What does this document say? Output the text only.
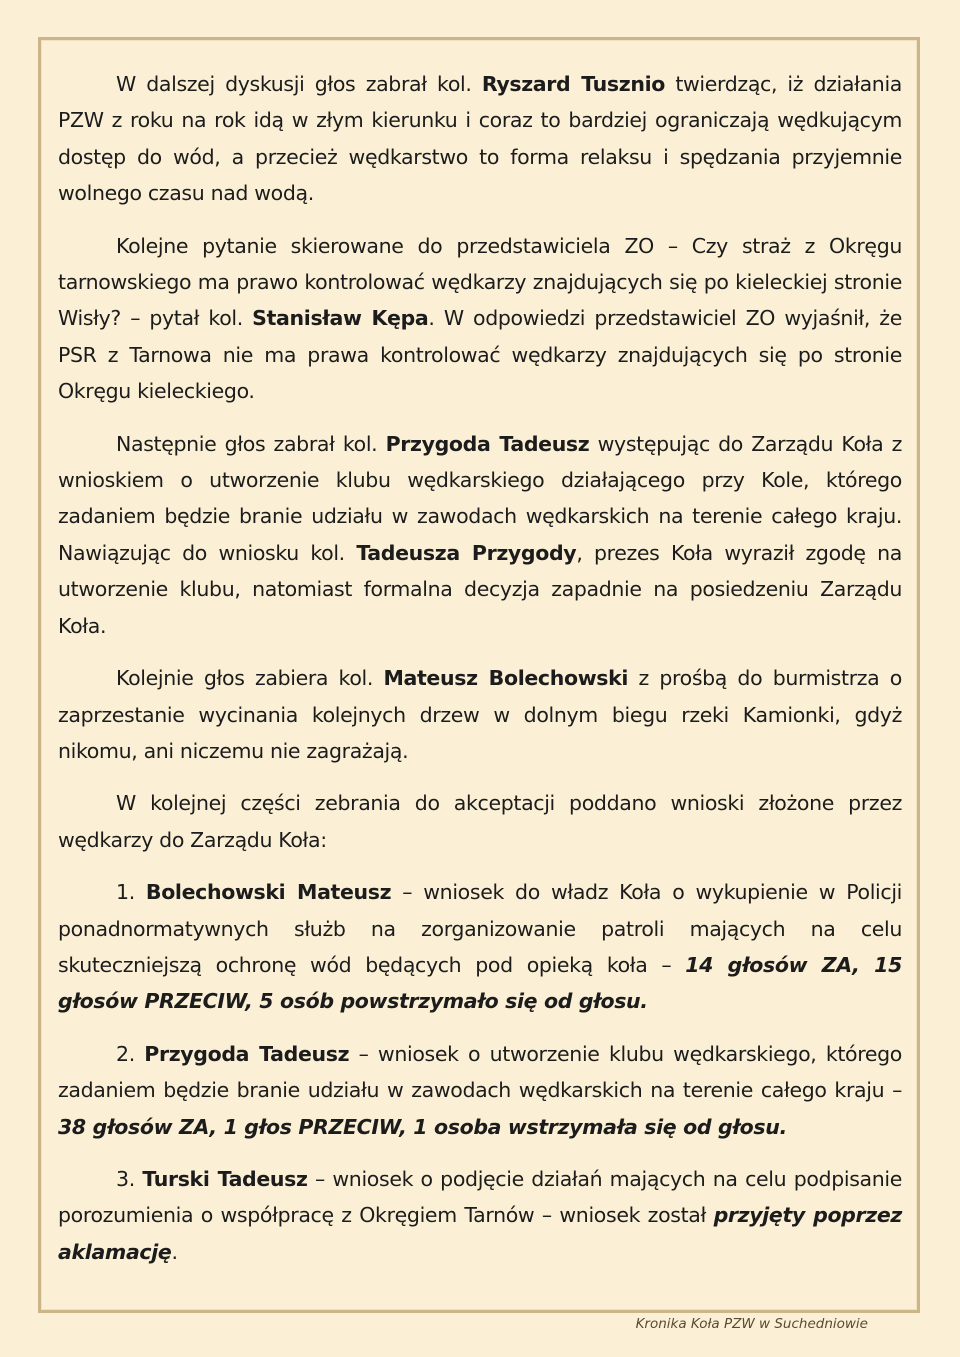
W dalszej dyskusji głos zabrał kol. Ryszard Tusznio twierdząc, iż działania PZW z roku na rok idą w złym kierunku i coraz to bardziej ograniczają wędkującym dostęp do wód, a przecież wędkarstwo to forma relaksu i spędzania przyjemnie wolnego czasu nad wodą.

Kolejne pytanie skierowane do przedstawiciela ZO – Czy straż z Okręgu tarnowskiego ma prawo kontrolować wędkarzy znajdujących się po kieleckiej stronie Wisły? – pytał kol. Stanisław Kępa. W odpowiedzi przedstawiciel ZO wyjaśnił, że PSR z Tarnowa nie ma prawa kontrolować wędkarzy znajdujących się po stronie Okręgu kieleckiego.

Następnie głos zabrał kol. Przygoda Tadeusz występując do Zarządu Koła z wnioskiem o utworzenie klubu wędkarskiego działającego przy Kole, którego zadaniem będzie branie udziału w zawodach wędkarskich na terenie całego kraju. Nawiązując do wniosku kol. Tadeusza Przygody, prezes Koła wyraził zgodę na utworzenie klubu, natomiast formalna decyzja zapadnie na posiedzeniu Zarządu Koła.

Kolejnie głos zabiera kol. Mateusz Bolechowski z prośbą do burmistrza o zaprzestanie wycinania kolejnych drzew w dolnym biegu rzeki Kamionki, gdyż nikomu, ani niczemu nie zagrażają.

W kolejnej części zebrania do akceptacji poddano wnioski złożone przez wędkarzy do Zarządu Koła:

1. Bolechowski Mateusz – wniosek do władz Koła o wykupienie w Policji ponadnormatywnych służb na zorganizowanie patroli mających na celu skuteczniejszą ochronę wód będących pod opieką koła – 14 głosów ZA, 15 głosów PRZECIW, 5 osób powstrzymało się od głosu.

2. Przygoda Tadeusz – wniosek o utworzenie klubu wędkarskiego, którego zadaniem będzie branie udziału w zawodach wędkarskich na terenie całego kraju – 38 głosów ZA, 1 głos PRZECIW, 1 osoba wstrzymała się od głosu.

3. Turski Tadeusz – wniosek o podjęcie działań mających na celu podpisanie porozumienia o współpracę z Okręgiem Tarnów – wniosek został przyjęty poprzez aklamację.

Kronika Koła PZW w Suchedniowie
